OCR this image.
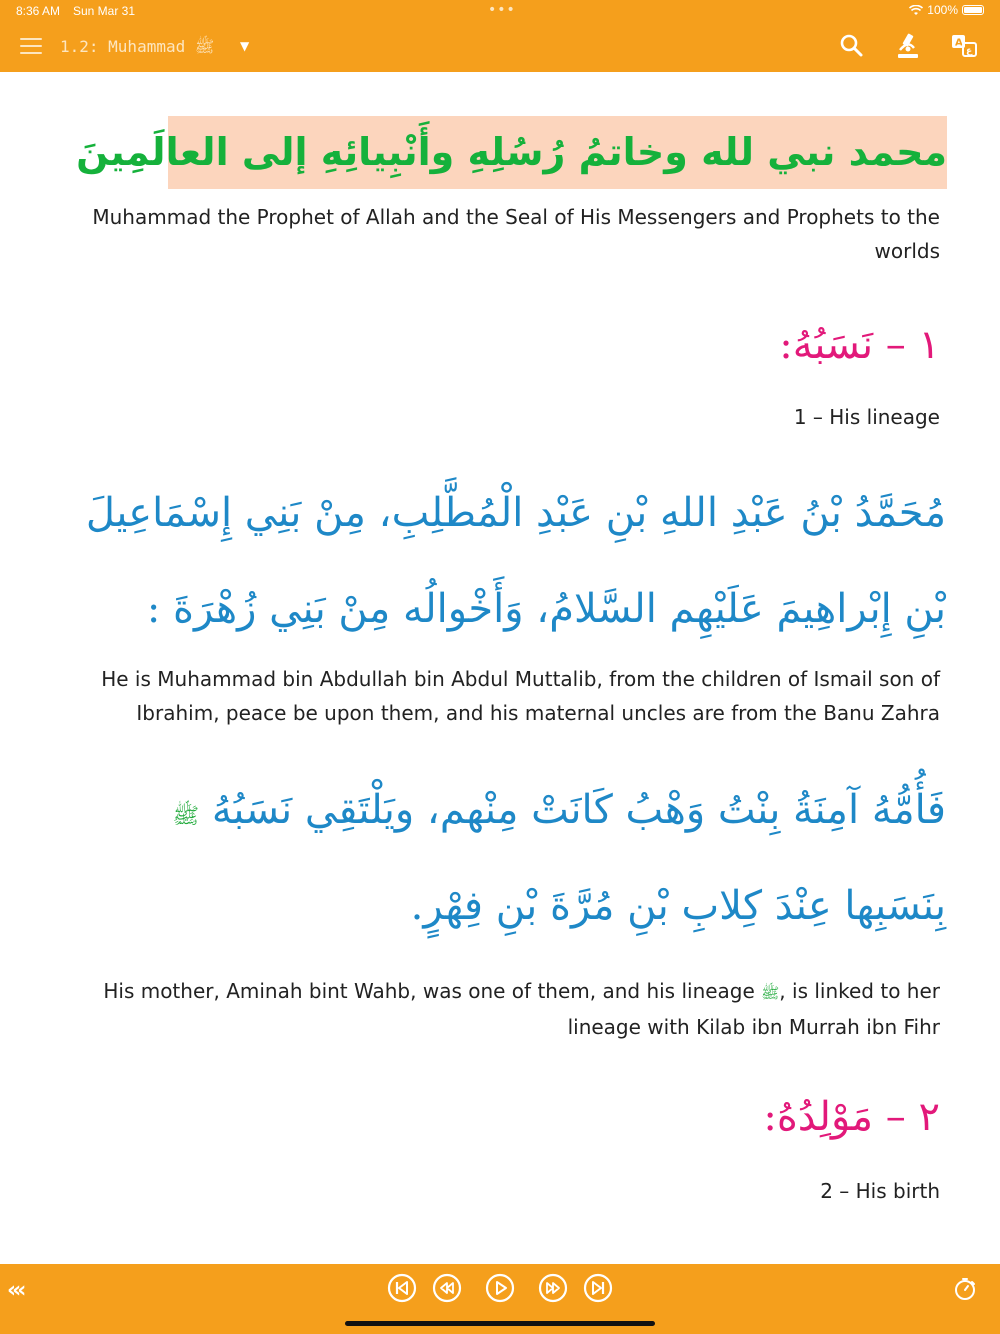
8:36 AM Sun Mar 31	•••	100%
1.2: Muhammad ﷺ ▼	A
ع
محمد نبي لله وخاتمُ رُسُلِهِ وأَنْبِيائِهِ إلى العالَمِينَ
Muhammad the Prophet of Allah and the Seal of His Messengers and Prophets to the worlds
١ – نَسَبُهُ:
1 – His lineage
مُحَمَّدُ بْنُ عَبْدِ اللهِ بْنِ عَبْدِ الْمُطَّلِبِ، مِنْ بَنِي إِسْمَاعِيلَ
بْنِ إِبْراهِيمَ عَلَيْهِم السَّلامُ، وَأَخْوالُه مِنْ بَنِي زُهْرَةَ :
He is Muhammad bin Abdullah bin Abdul Muttalib, from the children of Ismail son of Ibrahim, peace be upon them, and his maternal uncles are from the Banu Zahra
فَأُمُّهُ آمِنَةُ بِنْتُ وَهْبُ كَانَتْ مِنْهم، ويَلْتَقِي نَسَبُهُ ﷺ
بِنَسَبِها عِنْدَ كِلابِ بْنِ مُرَّةَ بْنِ فِهْرٍ.
His mother, Aminah bint Wahb, was one of them, and his lineage ﷺ, is linked to her lineage with Kilab ibn Murrah ibn Fihr
٢ – مَوْلِدُهُ:
2 – His birth
«‹
